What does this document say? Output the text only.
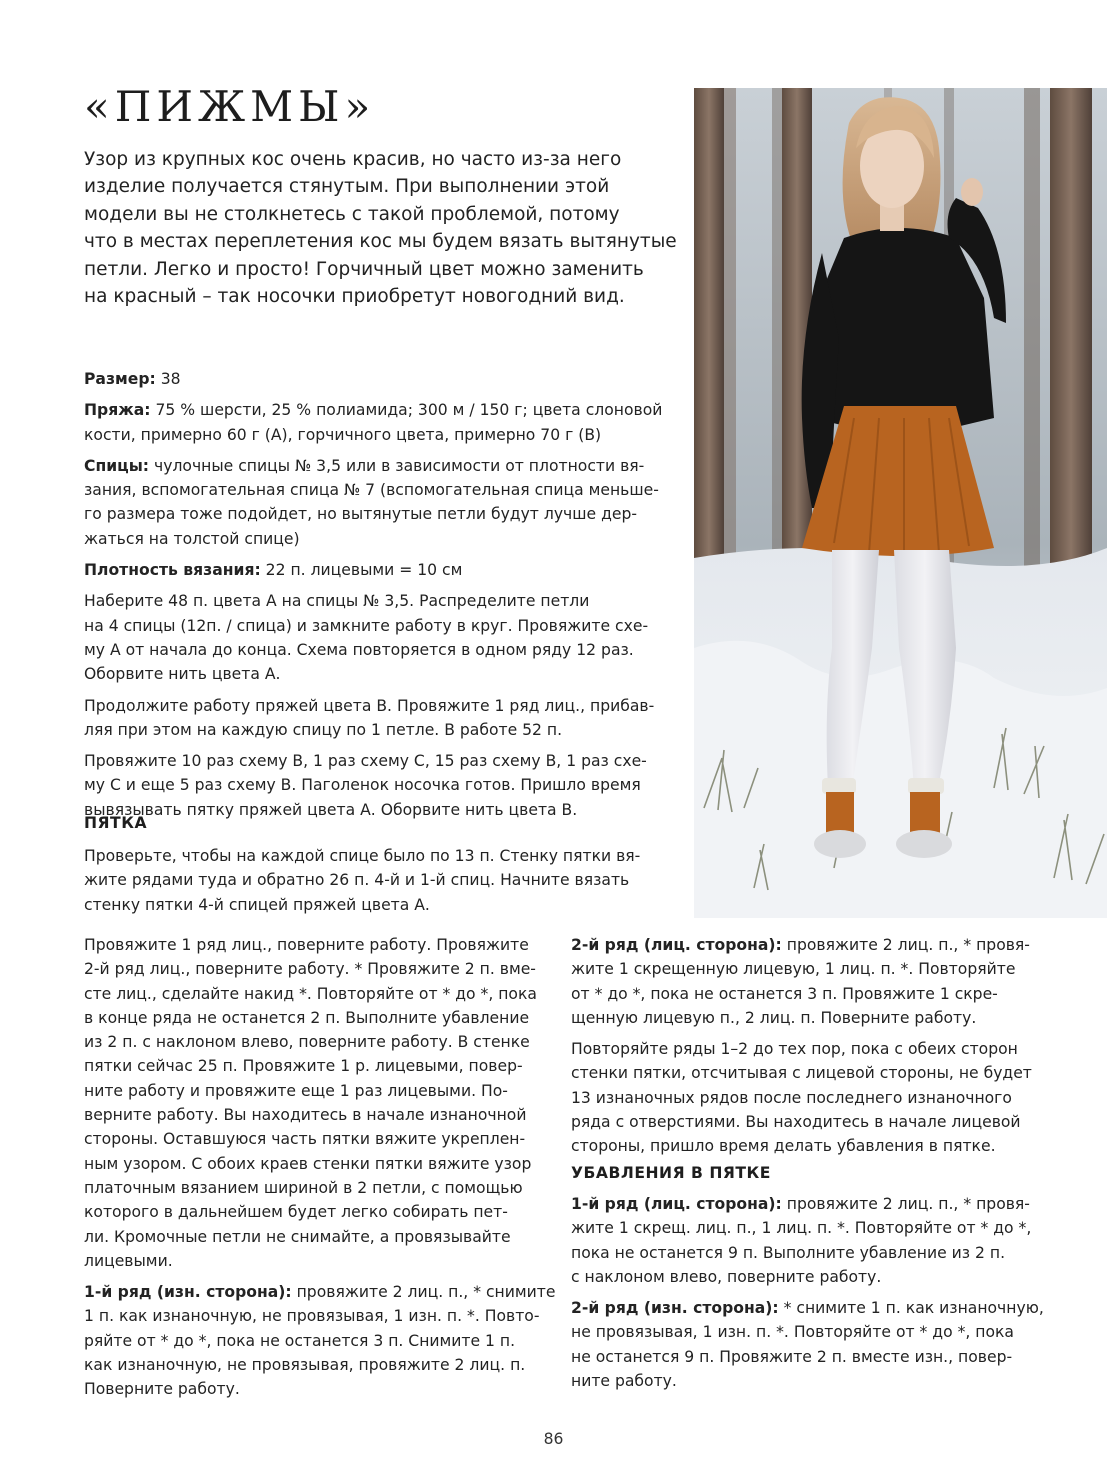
«ПИЖМЫ»
Узор из крупных кос очень красив, но часто из-за него
изделие получается стянутым. При выполнении этой
модели вы не столкнетесь с такой проблемой, потому
что в местах переплетения кос мы будем вязать вытянутые
петли. Легко и просто! Горчичный цвет можно заменить
на красный – так носочки приобретут новогодний вид.

Размер: 38

Пряжа: 75 % шерсти, 25 % полиамида; 300 м / 150 г; цвета слоновой
кости, примерно 60 г (А), горчичного цвета, примерно 70 г (В)

Спицы: чулочные спицы № 3,5 или в зависимости от плотности вя-
зания, вспомогательная спица № 7 (вспомогательная спица меньше-
го размера тоже подойдет, но вытянутые петли будут лучше дер-
жаться на толстой спице)

Плотность вязания: 22 п. лицевыми = 10 см

Наберите 48 п. цвета А на спицы № 3,5. Распределите петли
на 4 спицы (12п. / спица) и замкните работу в круг. Провяжите схе-
му А от начала до конца. Схема повторяется в одном ряду 12 раз.
Оборвите нить цвета А.

Продолжите работу пряжей цвета В. Провяжите 1 ряд лиц., прибав-
ляя при этом на каждую спицу по 1 петле. В работе 52 п.

Провяжите 10 раз схему В, 1 раз схему С, 15 раз схему В, 1 раз схе-
му С и еще 5 раз схему В. Паголенок носочка готов. Пришло время
вывязывать пятку пряжей цвета А. Оборвите нить цвета В.

ПЯТКА
Проверьте, чтобы на каждой спице было по 13 п. Стенку пятки вя-
жите рядами туда и обратно 26 п. 4-й и 1-й спиц. Начните вязать
стенку пятки 4-й спицей пряжей цвета А.

Провяжите 1 ряд лиц., поверните работу. Провяжите
2-й ряд лиц., поверните работу. * Провяжите 2 п. вме-
сте лиц., сделайте накид *. Повторяйте от * до *, пока
в конце ряда не останется 2 п. Выполните убавление
из 2 п. с наклоном влево, поверните работу. В стенке
пятки сейчас 25 п. Провяжите 1 р. лицевыми, повер-
ните работу и провяжите еще 1 раз лицевыми. По-
верните работу. Вы находитесь в начале изнаночной
стороны. Оставшуюся часть пятки вяжите укреплен-
ным узором. С обоих краев стенки пятки вяжите узор
платочным вязанием шириной в 2 петли, с помощью
которого в дальнейшем будет легко собирать пет-
ли. Кромочные петли не снимайте, а провязывайте
лицевыми.

1-й ряд (изн. сторона): провяжите 2 лиц. п., * снимите
1 п. как изнаночную, не провязывая, 1 изн. п. *. Повто-
ряйте от * до *, пока не останется 3 п. Снимите 1 п.
как изнаночную, не провязывая, провяжите 2 лиц. п.
Поверните работу.

2-й ряд (лиц. сторона): провяжите 2 лиц. п., * провя-
жите 1 скрещенную лицевую, 1 лиц. п. *. Повторяйте
от * до *, пока не останется 3 п. Провяжите 1 скре-
щенную лицевую п., 2 лиц. п. Поверните работу.

Повторяйте ряды 1–2 до тех пор, пока с обеих сторон
стенки пятки, отсчитывая с лицевой стороны, не будет
13 изнаночных рядов после последнего изнаночного
ряда с отверстиями. Вы находитесь в начале лицевой
стороны, пришло время делать убавления в пятке.

УБАВЛЕНИЯ В ПЯТКЕ

1-й ряд (лиц. сторона): провяжите 2 лиц. п., * провя-
жите 1 скрещ. лиц. п., 1 лиц. п. *. Повторяйте от * до *,
пока не останется 9 п. Выполните убавление из 2 п.
с наклоном влево, поверните работу.

2-й ряд (изн. сторона): * снимите 1 п. как изнаночную,
не провязывая, 1 изн. п. *. Повторяйте от * до *, пока
не останется 9 п. Провяжите 2 п. вместе изн., повер-
ните работу.

86
